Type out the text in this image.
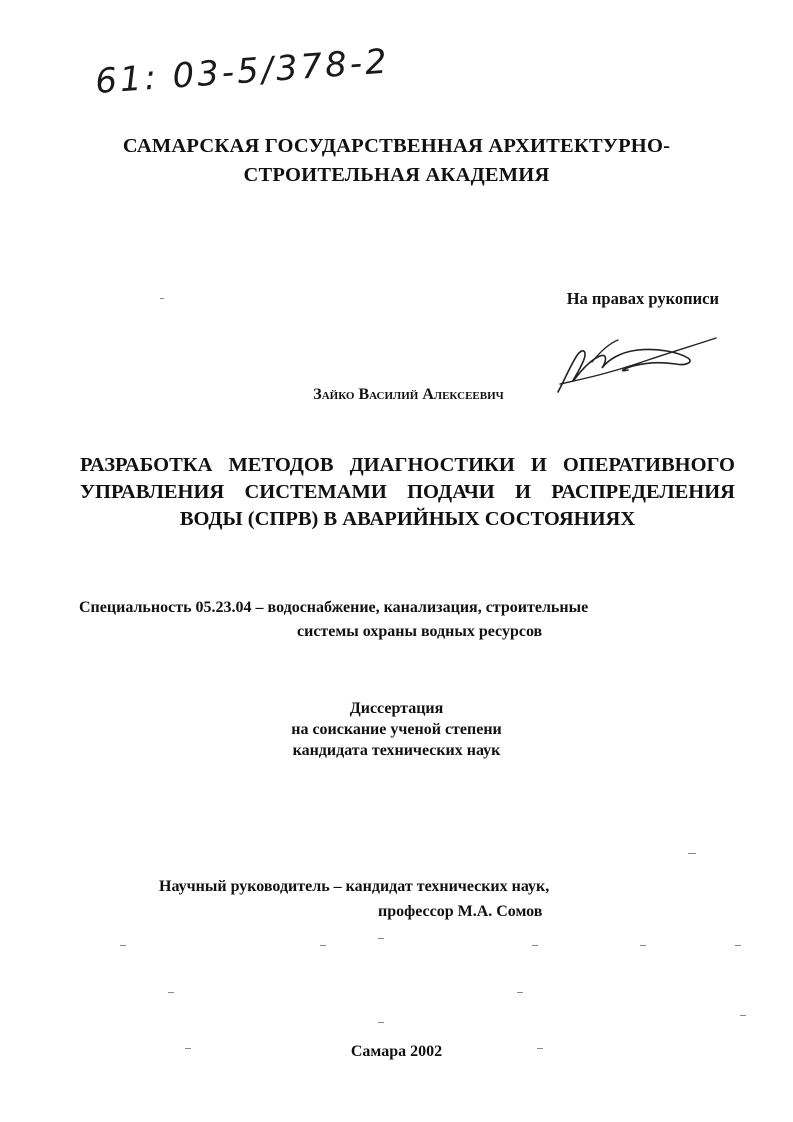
61: 03-5/378-2
САМАРСКАЯ ГОСУДАРСТВЕННАЯ АРХИТЕКТУРНО-
СТРОИТЕЛЬНАЯ АКАДЕМИЯ
На правах рукописи
Зайко Василий Алексеевич
РАЗРАБОТКА МЕТОДОВ ДИАГНОСТИКИ И ОПЕРАТИВНОГО
УПРАВЛЕНИЯ СИСТЕМАМИ ПОДАЧИ И РАСПРЕДЕЛЕНИЯ
ВОДЫ (СПРВ) В АВАРИЙНЫХ СОСТОЯНИЯХ
Специальность 05.23.04 – водоснабжение, канализация, строительные
системы охраны водных ресурсов
Диссертация
на соискание ученой степени
кандидата технических наук
Научный руководитель – кандидат технических наук,
профессор М.А. Сомов
Самара 2002
